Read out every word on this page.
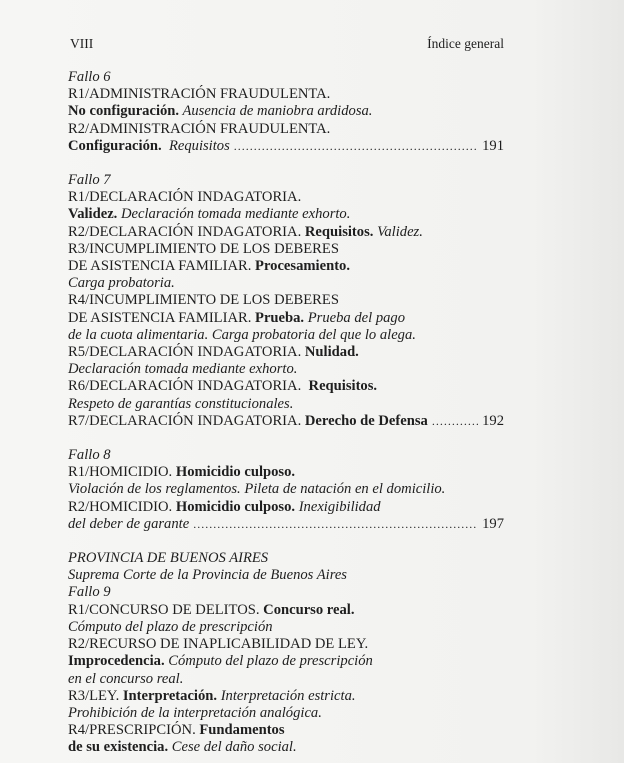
VIII	Índice general
Fallo 6
R1/ADMINISTRACIÓN FRAUDULENTA.
No configuración. Ausencia de maniobra ardidosa.
R2/ADMINISTRACIÓN FRAUDULENTA.
Configuración. Requisitos .....	191
Fallo 7
R1/DECLARACIÓN INDAGATORIA.
Validez. Declaración tomada mediante exhorto.
R2/DECLARACIÓN INDAGATORIA. Requisitos. Validez.
R3/INCUMPLIMIENTO DE LOS DEBERES
DE ASISTENCIA FAMILIAR. Procesamiento.
Carga probatoria.
R4/INCUMPLIMIENTO DE LOS DEBERES
DE ASISTENCIA FAMILIAR. Prueba. Prueba del pago
de la cuota alimentaria. Carga probatoria del que lo alega.
R5/DECLARACIÓN INDAGATORIA. Nulidad.
Declaración tomada mediante exhorto.
R6/DECLARACIÓN INDAGATORIA.  Requisitos.
Respeto de garantías constitucionales.
R7/DECLARACIÓN INDAGATORIA. Derecho de Defensa .....	192
Fallo 8
R1/HOMICIDIO. Homicidio culposo.
Violación de los reglamentos. Pileta de natación en el domicilio.
R2/HOMICIDIO. Homicidio culposo. Inexigibilidad
del deber de garante .....	197
PROVINCIA DE BUENOS AIRES
Suprema Corte de la Provincia de Buenos Aires
Fallo 9
R1/CONCURSO DE DELITOS. Concurso real.
Cómputo del plazo de prescripción
R2/RECURSO DE INAPLICABILIDAD DE LEY.
Improcedencia. Cómputo del plazo de prescripción
en el concurso real.
R3/LEY. Interpretación. Interpretación estricta.
Prohibición de la interpretación analógica.
R4/PRESCRIPCIÓN. Fundamentos
de su existencia. Cese del daño social.
